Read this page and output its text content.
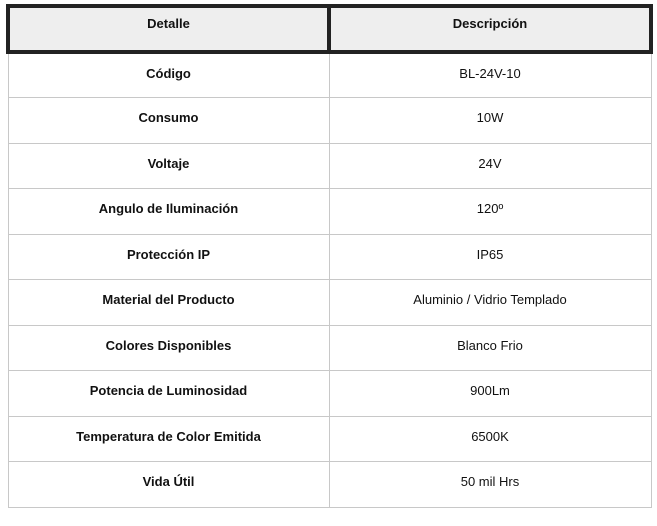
Detalle	Descripción
Código	BL-24V-10
Consumo	10W
Voltaje	24V
Angulo de Iluminación	120º
Protección IP	IP65
Material del Producto	Aluminio / Vidrio Templado
Colores Disponibles	Blanco Frio
Potencia de Luminosidad	900Lm
Temperatura de Color Emitida	6500K
Vida Útil	50 mil Hrs
